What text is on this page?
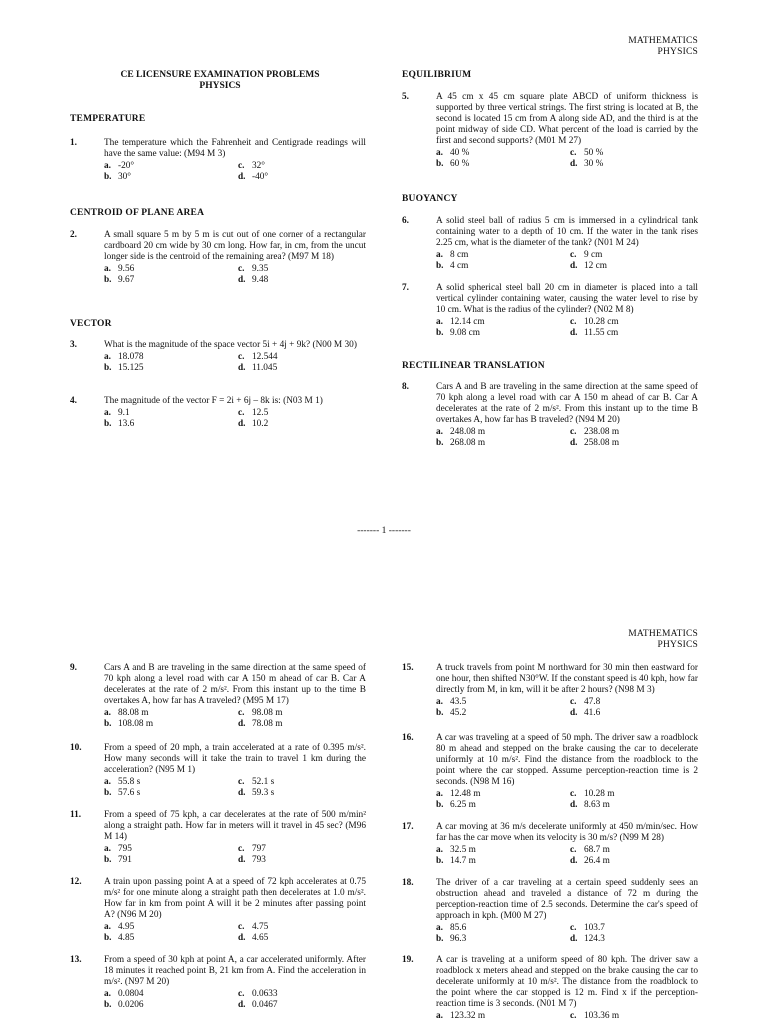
MATHEMATICS
PHYSICS
CE LICENSURE EXAMINATION PROBLEMS
PHYSICS
TEMPERATURE
CENTROID OF PLANE AREA
VECTOR
EQUILIBRIUM
BUOYANCY
RECTILINEAR TRANSLATION
------- 1 -------
MATHEMATICS
PHYSICS
1.	The temperature which the Fahrenheit and Centigrade readings will have the same value: (M94 M 3)
a. -20°	c. 32°
b. 30°	d. -40°
2.	A small square 5 m by 5 m is cut out of one corner of a rectangular cardboard 20 cm wide by 30 cm long. How far, in cm, from the uncut longer side is the centroid of the remaining area? (M97 M 18)
a. 9.56	c. 9.35
b. 9.67	d. 9.48
3.	What is the magnitude of the space vector 5i + 4j + 9k? (N00 M 30)
a. 18.078	c. 12.544
b. 15.125	d. 11.045
4.	The magnitude of the vector F = 2i + 6j – 8k is: (N03 M 1)
a. 9.1	c. 12.5
b. 13.6	d. 10.2
5.	A 45 cm x 45 cm square plate ABCD of uniform thickness is supported by three vertical strings. The first string is located at B, the second is located 15 cm from A along side AD, and the third is at the point midway of side CD. What percent of the load is carried by the first and second supports? (M01 M 27)
a. 40 %	c. 50 %
b. 60 %	d. 30 %
6.	A solid steel ball of radius 5 cm is immersed in a cylindrical tank containing water to a depth of 10 cm. If the water in the tank rises 2.25 cm, what is the diameter of the tank? (N01 M 24)
a. 8 cm	c. 9 cm
b. 4 cm	d. 12 cm
7.	A solid spherical steel ball 20 cm in diameter is placed into a tall vertical cylinder containing water, causing the water level to rise by 10 cm. What is the radius of the cylinder? (N02 M 8)
a. 12.14 cm	c. 10.28 cm
b. 9.08 cm	d. 11.55 cm
8.	Cars A and B are traveling in the same direction at the same speed of 70 kph along a level road with car A 150 m ahead of car B. Car A decelerates at the rate of 2 m/s². From this instant up to the time B overtakes A, how far has B traveled? (N94 M 20)
a. 248.08 m	c. 238.08 m
b. 268.08 m	d. 258.08 m
9.	Cars A and B are traveling in the same direction at the same speed of 70 kph along a level road with car A 150 m ahead of car B. Car A decelerates at the rate of 2 m/s². From this instant up to the time B overtakes A, how far has A traveled? (M95 M 17)
a. 88.08 m	c. 98.08 m
b. 108.08 m	d. 78.08 m
10. From a speed of 20 mph, a train accelerated at a rate of 0.395 m/s². How many seconds will it take the train to travel 1 km during the acceleration? (N95 M 1)
a. 55.8 s	c. 52.1 s
b. 57.6 s	d. 59.3 s
11. From a speed of 75 kph, a car decelerates at the rate of 500 m/min² along a straight path. How far in meters will it travel in 45 sec? (M96 M 14)
a. 795	c. 797
b. 791	d. 793
12. A train upon passing point A at a speed of 72 kph accelerates at 0.75 m/s² for one minute along a straight path then decelerates at 1.0 m/s². How far in km from point A will it be 2 minutes after passing point A? (N96 M 20)
a. 4.95	c. 4.75
b. 4.85	d. 4.65
13. From a speed of 30 kph at point A, a car accelerated uniformly. After 18 minutes it reached point B, 21 km from A. Find the acceleration in m/s². (N97 M 20)
a. 0.0804	c. 0.0633
b. 0.0206	d. 0.0467
15. A truck travels from point M northward for 30 min then eastward for one hour, then shifted N30°W. If the constant speed is 40 kph, how far directly from M, in km, will it be after 2 hours? (N98 M 3)
a. 43.5	c. 47.8
b. 45.2	d. 41.6
16. A car was traveling at a speed of 50 mph. The driver saw a roadblock 80 m ahead and stepped on the brake causing the car to decelerate uniformly at 10 m/s². Find the distance from the roadblock to the point where the car stopped. Assume perception-reaction time is 2 seconds. (N98 M 16)
a. 12.48 m	c. 10.28 m
b. 6.25 m	d. 8.63 m
17. A car moving at 36 m/s decelerate uniformly at 450 m/min/sec. How far has the car move when its velocity is 30 m/s? (N99 M 28)
a. 32.5 m	c. 68.7 m
b. 14.7 m	d. 26.4 m
18. The driver of a car traveling at a certain speed suddenly sees an obstruction ahead and traveled a distance of 72 m during the perception-reaction time of 2.5 seconds. Determine the car's speed of approach in kph. (M00 M 27)
a. 85.6	c. 103.7
b. 96.3	d. 124.3
19. A car is traveling at a uniform speed of 80 kph. The driver saw a roadblock x meters ahead and stepped on the brake causing the car to decelerate uniformly at 10 m/s². The distance from the roadblock to the point where the car stopped is 12 m. Find x if the perception-reaction time is 3 seconds. (N01 M 7)
a. 123.32 m	c. 103.36 m
